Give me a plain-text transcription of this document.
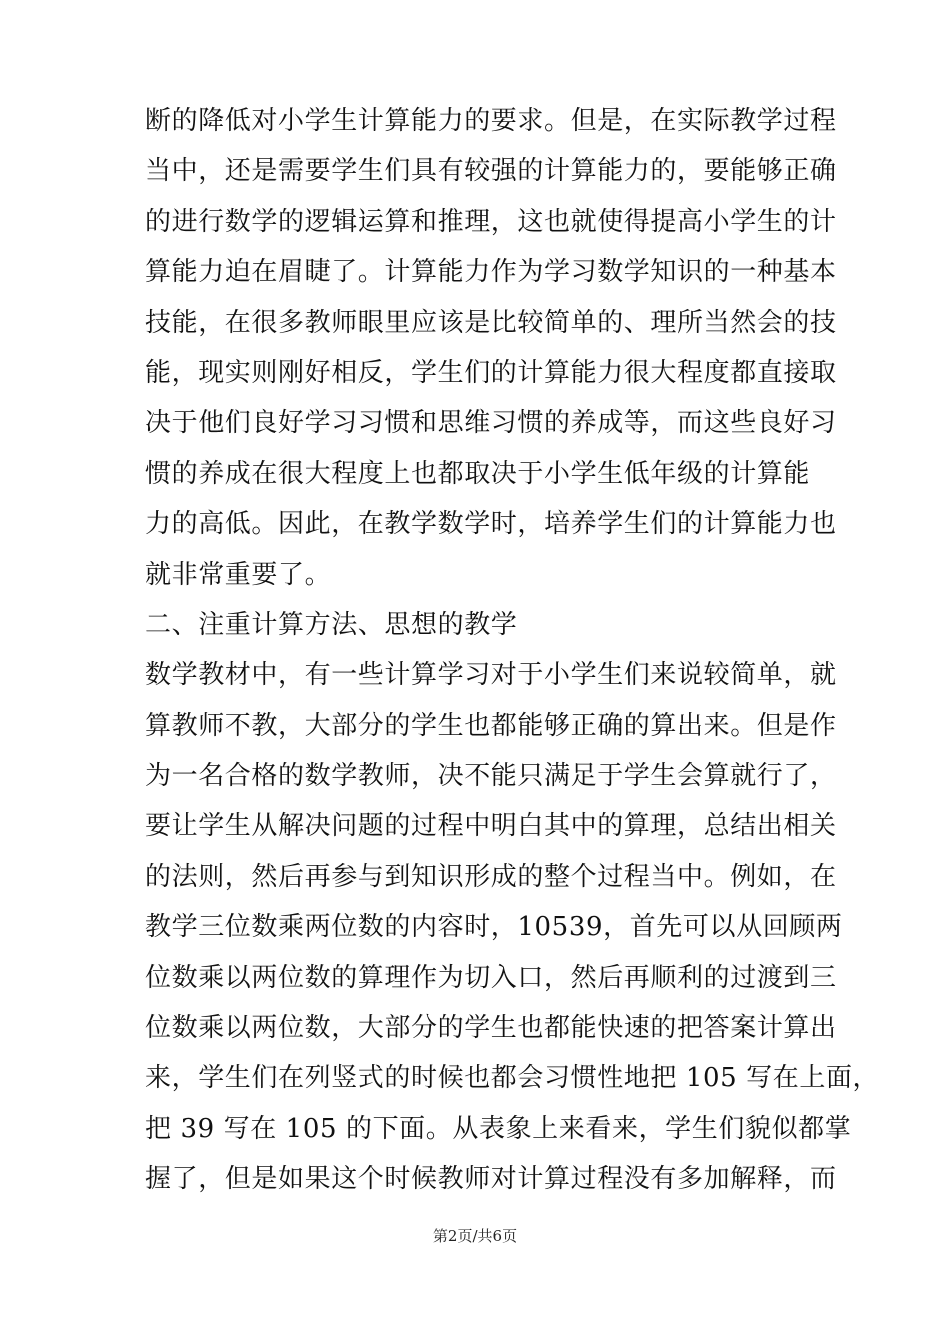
断的降低对小学生计算能力的要求。但是，在实际教学过程
当中，还是需要学生们具有较强的计算能力的，要能够正确
的进行数学的逻辑运算和推理，这也就使得提高小学生的计
算能力迫在眉睫了。计算能力作为学习数学知识的一种基本
技能，在很多教师眼里应该是比较简单的、理所当然会的技
能，现实则刚好相反，学生们的计算能力很大程度都直接取
决于他们良好学习习惯和思维习惯的养成等，而这些良好习
惯的养成在很大程度上也都取决于小学生低年级的计算能
力的高低。因此，在教学数学时，培养学生们的计算能力也
就非常重要了。
二、注重计算方法、思想的教学
数学教材中，有一些计算学习对于小学生们来说较简单，就
算教师不教，大部分的学生也都能够正确的算出来。但是作
为一名合格的数学教师，决不能只满足于学生会算就行了，
要让学生从解决问题的过程中明白其中的算理，总结出相关
的法则，然后再参与到知识形成的整个过程当中。例如，在
教学三位数乘两位数的内容时，10539，首先可以从回顾两
位数乘以两位数的算理作为切入口，然后再顺利的过渡到三
位数乘以两位数，大部分的学生也都能快速的把答案计算出
来，学生们在列竖式的时候也都会习惯性地把 105 写在上面，
把 39 写在 105 的下面。从表象上来看来，学生们貌似都掌
握了，但是如果这个时候教师对计算过程没有多加解释，而
第2页/共6页
